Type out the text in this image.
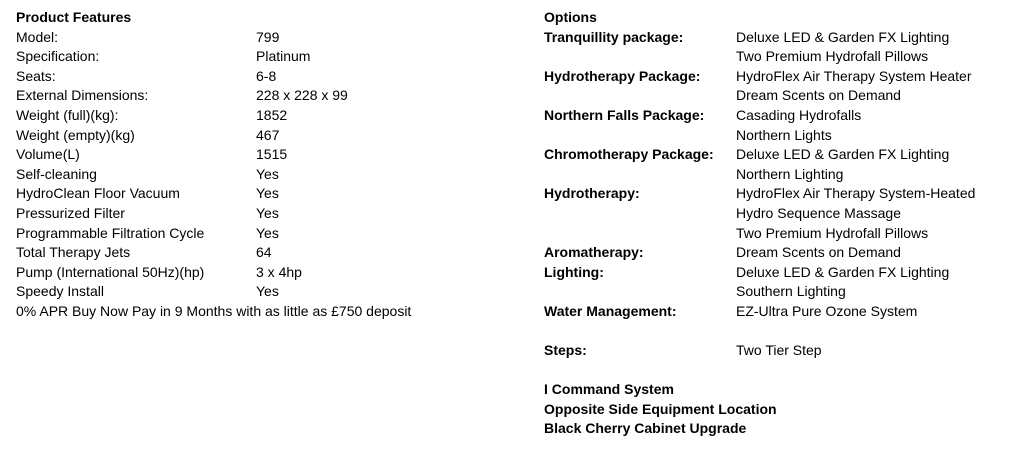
Product Features
Model:	799
Specification:	Platinum
Seats:	6-8
External Dimensions:	228 x 228 x 99
Weight (full)(kg):	1852
Weight (empty)(kg)	467
Volume(L)	1515
Self-cleaning	Yes
HydroClean Floor Vacuum	Yes
Pressurized Filter	Yes
Programmable Filtration Cycle	Yes
Total Therapy Jets	64
Pump (International 50Hz)(hp)	3 x 4hp
Speedy Install	Yes
0% APR Buy Now Pay in 9 Months with as little as £750 deposit
Options
Tranquillity package:	Deluxe LED & Garden FX Lighting
Two Premium Hydrofall Pillows
Hydrotherapy Package:	HydroFlex Air Therapy System Heater
Dream Scents on Demand
Northern Falls Package:	Casading Hydrofalls
Northern Lights
Chromotherapy Package:	Deluxe LED & Garden FX Lighting
Northern Lighting
Hydrotherapy:	HydroFlex Air Therapy System-Heated
Hydro Sequence Massage
Two Premium Hydrofall Pillows
Aromatherapy:	Dream Scents on Demand
Lighting:	Deluxe LED & Garden FX Lighting
Southern Lighting
Water Management:	EZ-Ultra Pure Ozone System
Steps:	Two Tier Step
I Command System
Opposite Side Equipment Location
Black Cherry Cabinet Upgrade
